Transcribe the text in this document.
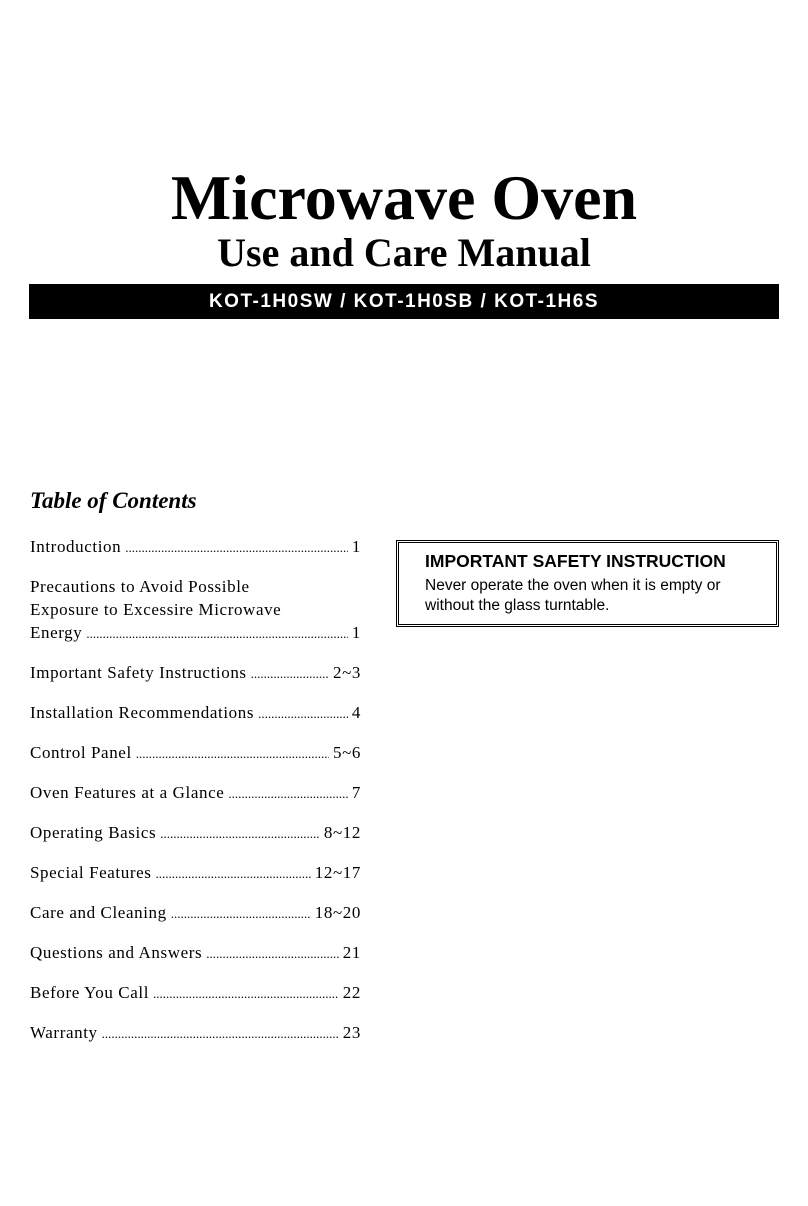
Microwave Oven
Use and Care Manual
KOT-1H0SW / KOT-1H0SB / KOT-1H6S
Table of Contents
Introduction .....	1
Precautions to Avoid Possible
Exposure to Excessire Microwave
Energy .....	1
Important Safety Instructions .....	2~3
Installation Recommendations .....	4
Control Panel .....	5~6
Oven Features at a Glance .....	7
Operating Basics .....	8~12
Special Features .....	12~17
Care and Cleaning .....	18~20
Questions and Answers .....	21
Before You Call .....	22
Warranty .....	23
IMPORTANT SAFETY INSTRUCTION

Never operate the oven when it is empty or without the glass turntable.
